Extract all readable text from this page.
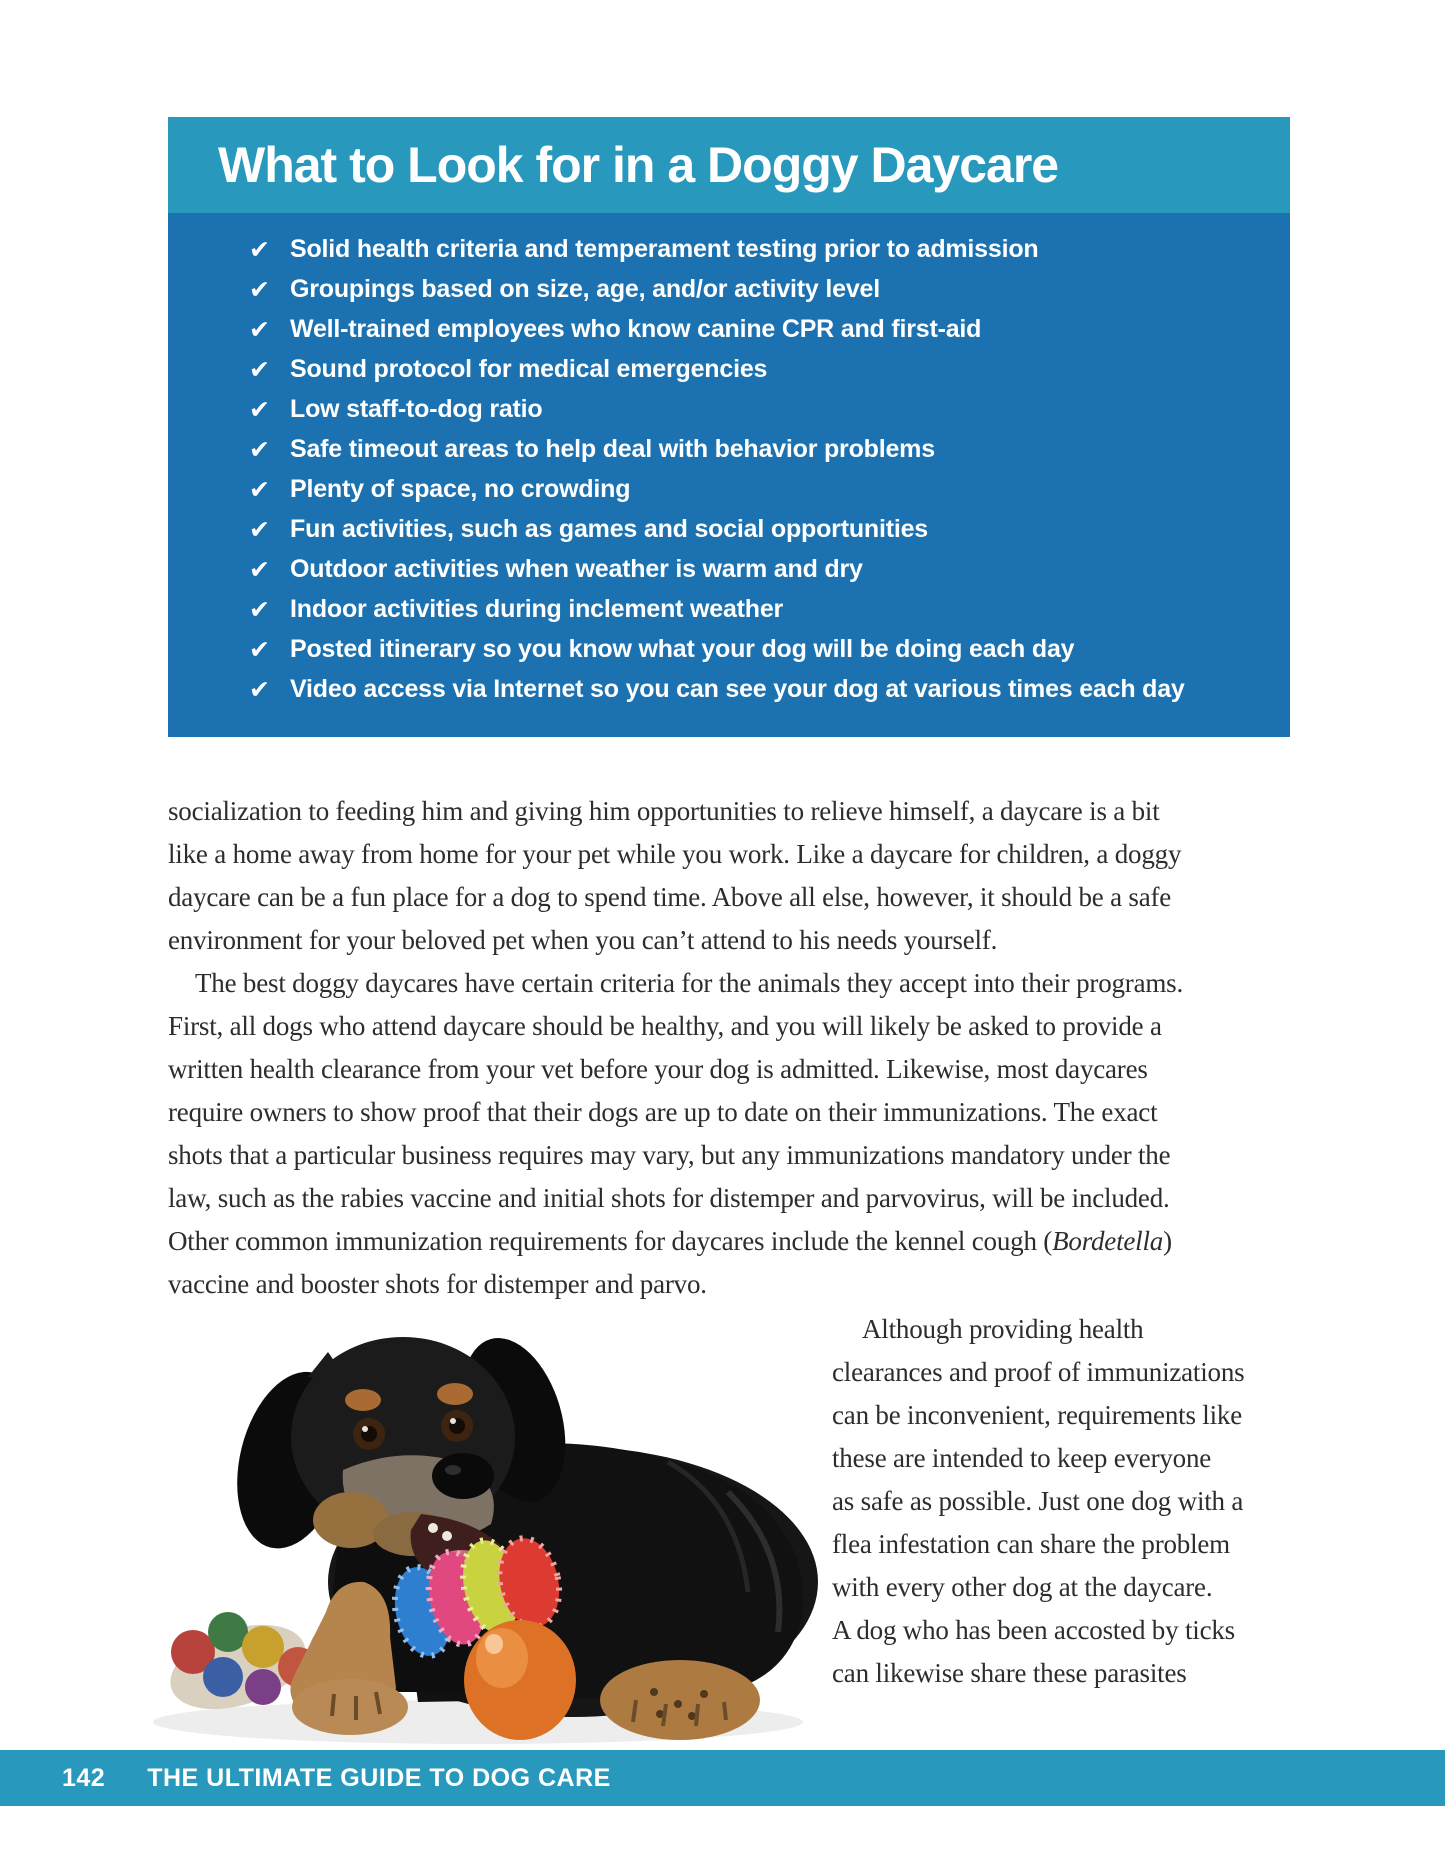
What to Look for in a Doggy Daycare
✔ Solid health criteria and temperament testing prior to admission
✔ Groupings based on size, age, and/or activity level
✔ Well-trained employees who know canine CPR and first-aid
✔ Sound protocol for medical emergencies
✔ Low staff-to-dog ratio
✔ Safe timeout areas to help deal with behavior problems
✔ Plenty of space, no crowding
✔ Fun activities, such as games and social opportunities
✔ Outdoor activities when weather is warm and dry
✔ Indoor activities during inclement weather
✔ Posted itinerary so you know what your dog will be doing each day
✔ Video access via Internet so you can see your dog at various times each day
socialization to feeding him and giving him opportunities to relieve himself, a daycare is a bit
like a home away from home for your pet while you work. Like a daycare for children, a doggy
daycare can be a fun place for a dog to spend time. Above all else, however, it should be a safe
environment for your beloved pet when you can’t attend to his needs yourself.
The best doggy daycares have certain criteria for the animals they accept into their programs.
First, all dogs who attend daycare should be healthy, and you will likely be asked to provide a
written health clearance from your vet before your dog is admitted. Likewise, most daycares
require owners to show proof that their dogs are up to date on their immunizations. The exact
shots that a particular business requires may vary, but any immunizations mandatory under the
law, such as the rabies vaccine and initial shots for distemper and parvovirus, will be included.
Other common immunization requirements for daycares include the kennel cough (Bordetella)
vaccine and booster shots for distemper and parvo.
Although providing health
clearances and proof of immunizations
can be inconvenient, requirements like
these are intended to keep everyone
as safe as possible. Just one dog with a
flea infestation can share the problem
with every other dog at the daycare.
A dog who has been accosted by ticks
can likewise share these parasites
142 THE ULTIMATE GUIDE TO DOG CARE
